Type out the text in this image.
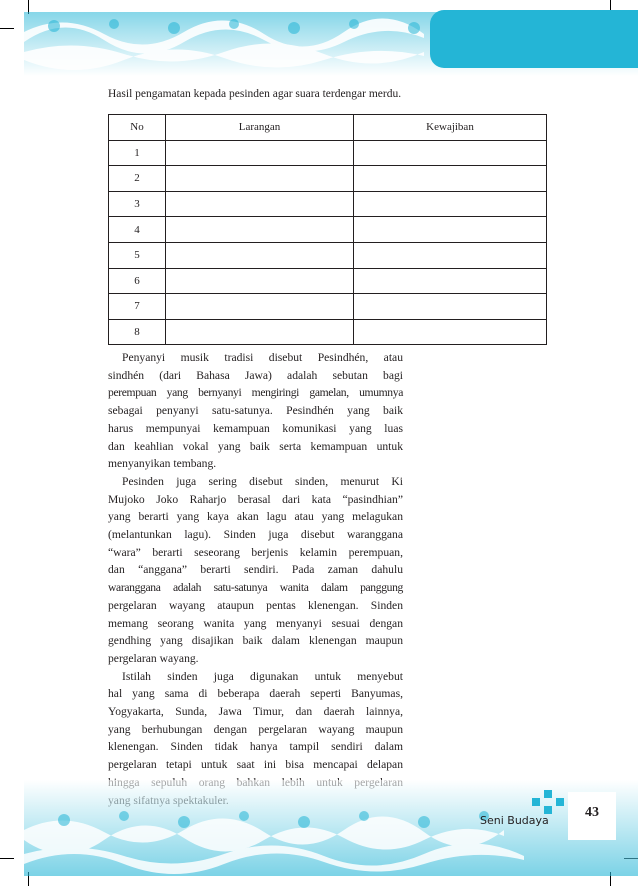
Hasil pengamatan kepada pesinden agar suara terdengar merdu.
No	Larangan	Kewajiban
1		
2		
3		
4		
5		
6		
7		
8		
Penyanyi musik tradisi disebut Pesindhén, atau
sindhén (dari Bahasa Jawa) adalah sebutan bagi
perempuan yang bernyanyi mengiringi gamelan, umumnya
sebagai penyanyi satu-satunya. Pesindhén yang baik
harus mempunyai kemampuan komunikasi yang luas
dan keahlian vokal yang baik serta kemampuan untuk
menyanyikan tembang.
Pesinden juga sering disebut sinden, menurut Ki
Mujoko Joko Raharjo berasal dari kata “pasindhian”
yang berarti yang kaya akan lagu atau yang melagukan
(melantunkan lagu). Sinden juga disebut waranggana
“wara” berarti seseorang berjenis kelamin perempuan,
dan “anggana” berarti sendiri. Pada zaman dahulu
waranggana adalah satu-satunya wanita dalam panggung
pergelaran wayang ataupun pentas klenengan. Sinden
memang seorang wanita yang menyanyi sesuai dengan
gendhing yang disajikan baik dalam klenengan maupun
pergelaran wayang.
Istilah sinden juga digunakan untuk menyebut
hal yang sama di beberapa daerah seperti Banyumas,
Yogyakarta, Sunda, Jawa Timur, dan daerah lainnya,
yang berhubungan dengan pergelaran wayang maupun
klenengan. Sinden tidak hanya tampil sendiri dalam
pergelaran tetapi untuk saat ini bisa mencapai delapan
Seni Budaya
43
